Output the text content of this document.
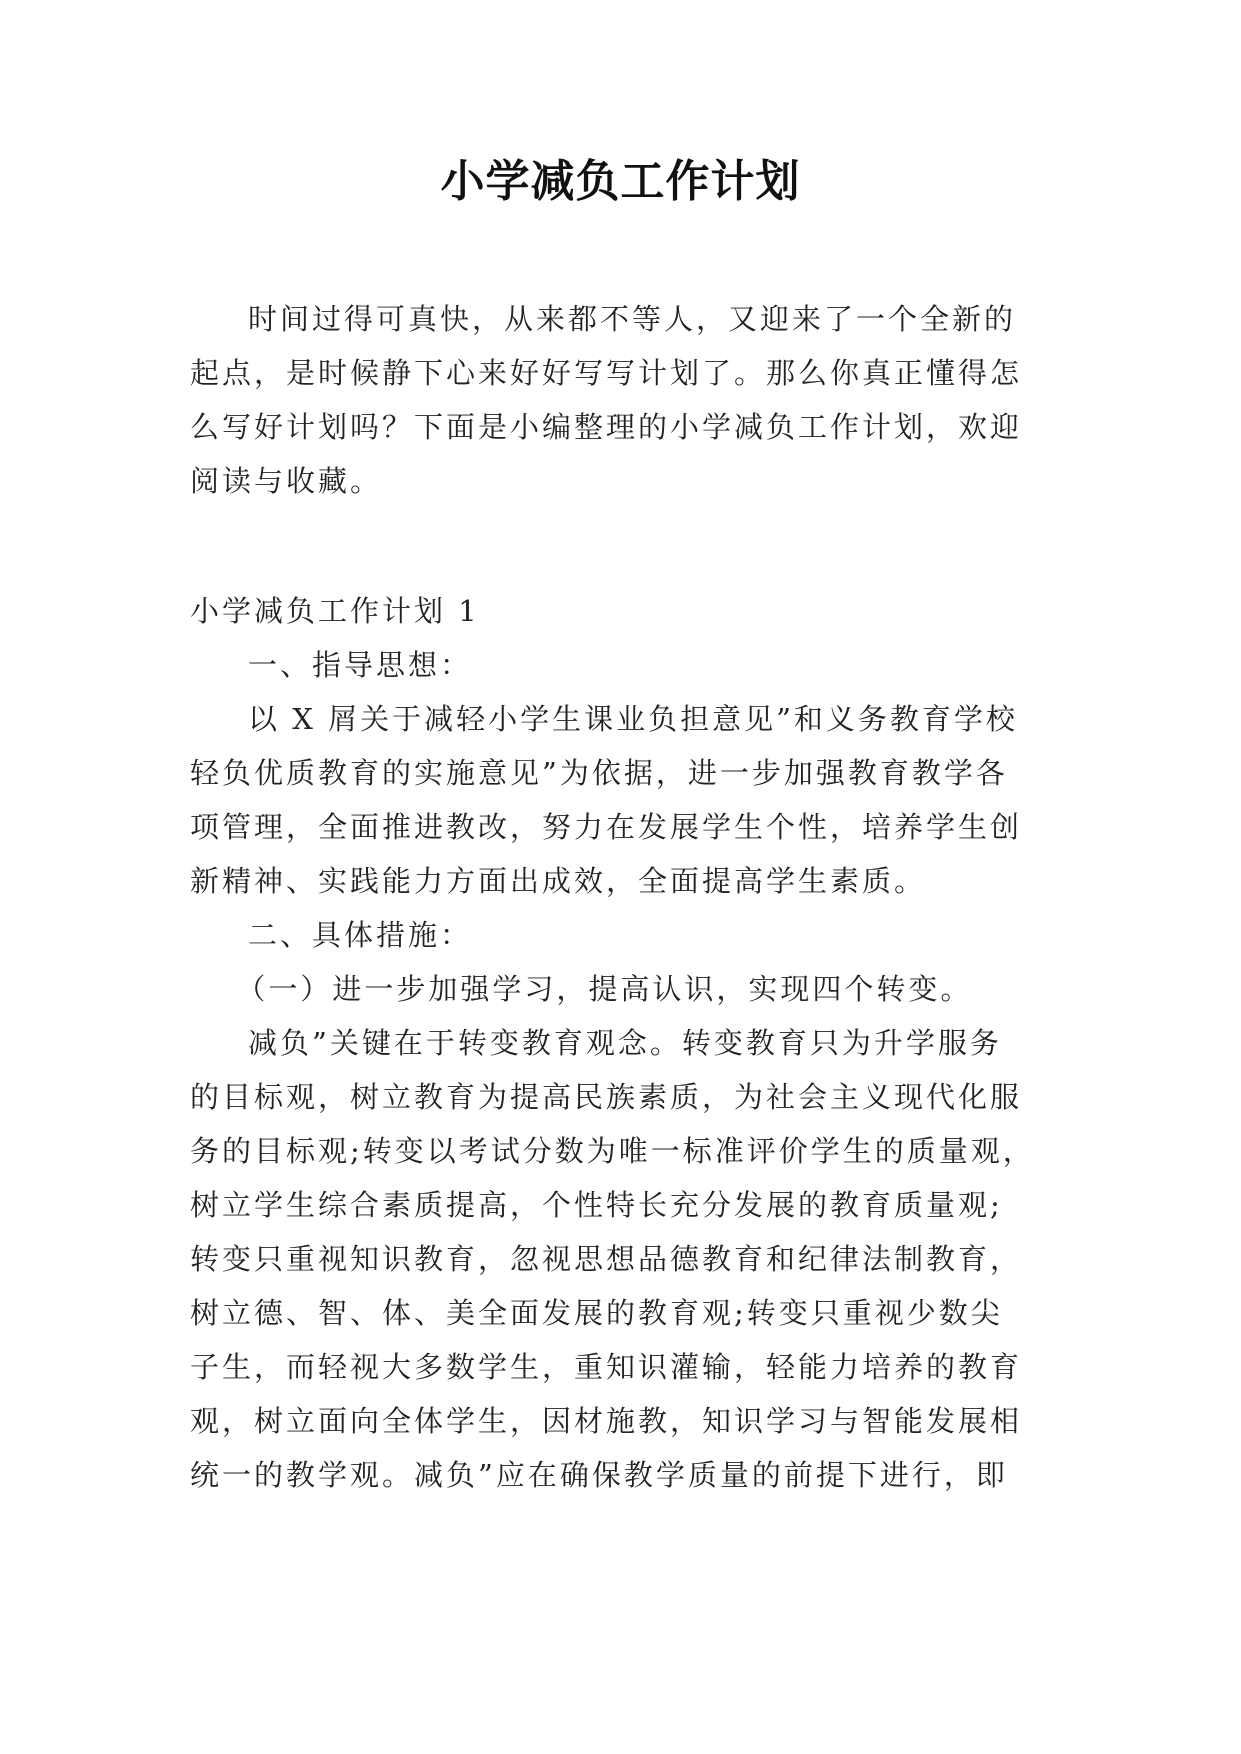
小学减负工作计划
时间过得可真快，从来都不等人，又迎来了一个全新的
起点，是时候静下心来好好写写计划了。那么你真正懂得怎
么写好计划吗？下面是小编整理的小学减负工作计划，欢迎
阅读与收藏。
小学减负工作计划 1
一、指导思想：
以 X 屑关于减轻小学生课业负担意见”和义务教育学校
轻负优质教育的实施意见”为依据，进一步加强教育教学各
项管理，全面推进教改，努力在发展学生个性，培养学生创
新精神、实践能力方面出成效，全面提高学生素质。
二、具体措施：
（一）进一步加强学习，提高认识，实现四个转变。
减负”关键在于转变教育观念。转变教育只为升学服务
的目标观，树立教育为提高民族素质，为社会主义现代化服
务的目标观;转变以考试分数为唯一标准评价学生的质量观，
树立学生综合素质提高，个性特长充分发展的教育质量观;
转变只重视知识教育，忽视思想品德教育和纪律法制教育，
树立德、智、体、美全面发展的教育观;转变只重视少数尖
子生，而轻视大多数学生，重知识灌输，轻能力培养的教育
观，树立面向全体学生，因材施教，知识学习与智能发展相
统一的教学观。减负”应在确保教学质量的前提下进行，即
